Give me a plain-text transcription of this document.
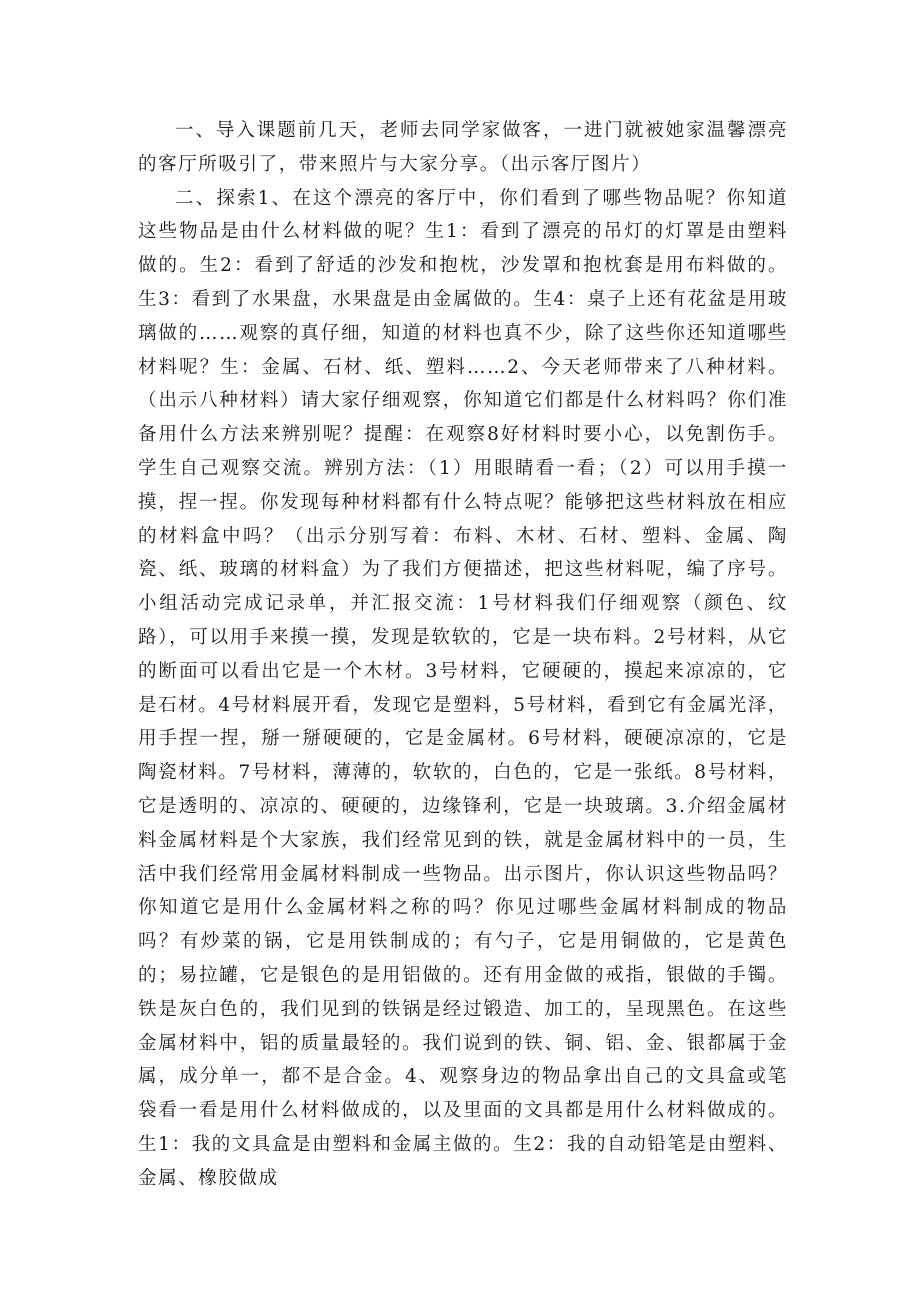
一、导入课题前几天，老师去同学家做客，一进门就被她家温馨漂亮的客厅所吸引了，带来照片与大家分享。（出示客厅图片）

二、探索1、在这个漂亮的客厅中，你们看到了哪些物品呢？你知道这些物品是由什么材料做的呢？生1：看到了漂亮的吊灯的灯罩是由塑料做的。生2：看到了舒适的沙发和抱枕，沙发罩和抱枕套是用布料做的。生3：看到了水果盘，水果盘是由金属做的。生4：桌子上还有花盆是用玻璃做的……观察的真仔细，知道的材料也真不少，除了这些你还知道哪些材料呢？生：金属、石材、纸、塑料……2、今天老师带来了八种材料。（出示八种材料）请大家仔细观察，你知道它们都是什么材料吗？你们准备用什么方法来辨别呢？提醒：在观察8好材料时要小心，以免割伤手。学生自己观察交流。辨别方法：（1）用眼睛看一看；（2）可以用手摸一摸，捏一捏。你发现每种材料都有什么特点呢？能够把这些材料放在相应的材料盒中吗？（出示分别写着：布料、木材、石材、塑料、金属、陶瓷、纸、玻璃的材料盒）为了我们方便描述，把这些材料呢，编了序号。小组活动完成记录单，并汇报交流：1号材料我们仔细观察（颜色、纹路），可以用手来摸一摸，发现是软软的，它是一块布料。2号材料，从它的断面可以看出它是一个木材。3号材料，它硬硬的，摸起来凉凉的，它是石材。4号材料展开看，发现它是塑料，5号材料，看到它有金属光泽，用手捏一捏，掰一掰硬硬的，它是金属材。6号材料，硬硬凉凉的，它是陶瓷材料。7号材料，薄薄的，软软的，白色的，它是一张纸。8号材料，它是透明的、凉凉的、硬硬的，边缘锋利，它是一块玻璃。3.介绍金属材料金属材料是个大家族，我们经常见到的铁，就是金属材料中的一员，生活中我们经常用金属材料制成一些物品。出示图片，你认识这些物品吗？你知道它是用什么金属材料之称的吗？你见过哪些金属材料制成的物品吗？有炒菜的锅，它是用铁制成的；有勺子，它是用铜做的，它是黄色的；易拉罐，它是银色的是用铝做的。还有用金做的戒指，银做的手镯。铁是灰白色的，我们见到的铁锅是经过锻造、加工的，呈现黑色。在这些金属材料中，铝的质量最轻的。我们说到的铁、铜、铝、金、银都属于金属，成分单一，都不是合金。4、观察身边的物品拿出自己的文具盒或笔袋看一看是用什么材料做成的，以及里面的文具都是用什么材料做成的。生1：我的文具盒是由塑料和金属主做的。生2：我的自动铅笔是由塑料、金属、橡胶做成
